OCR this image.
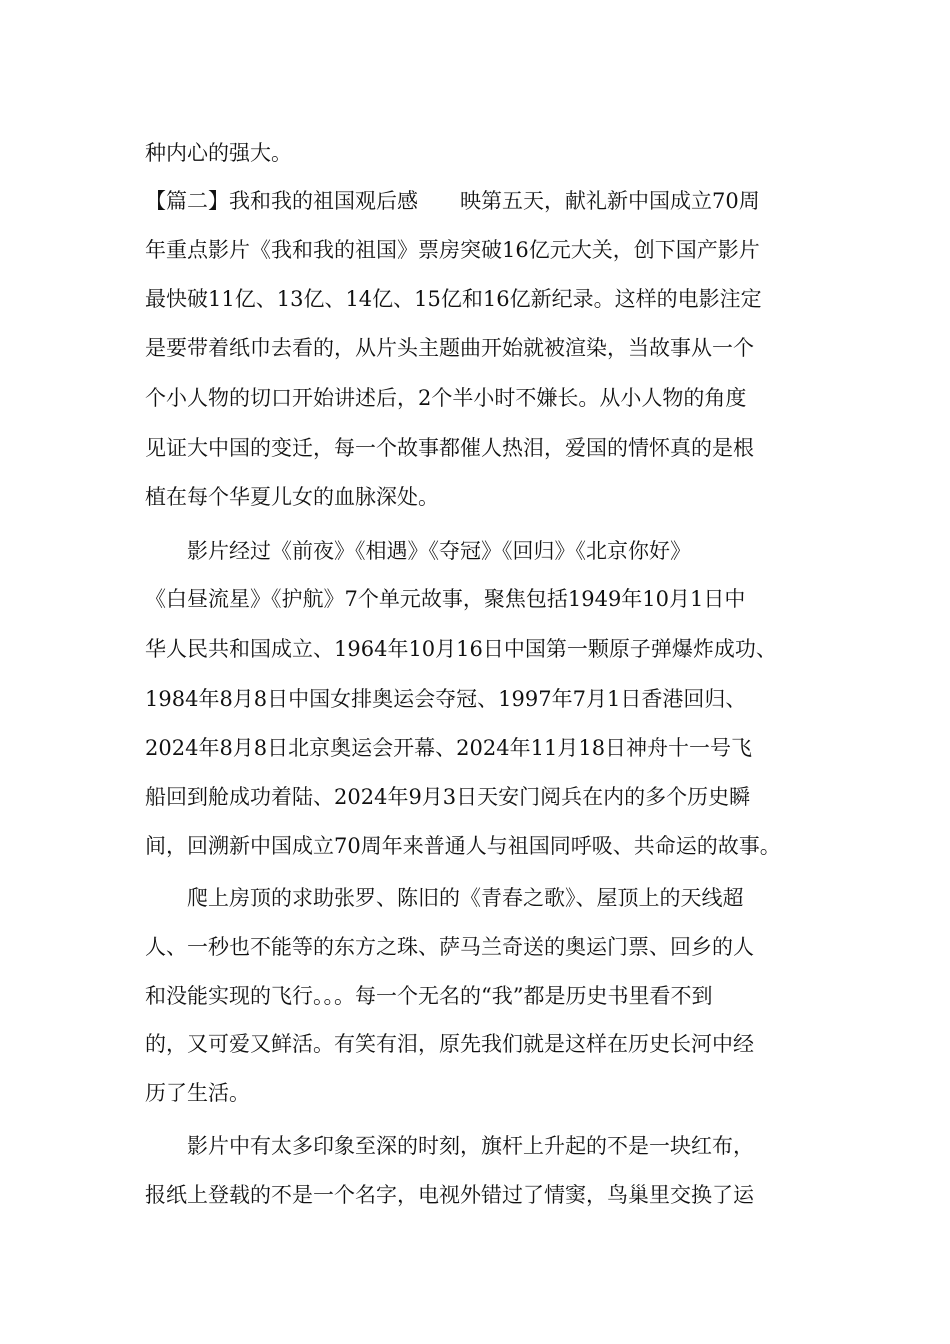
种内心的强大。
【篇二】我和我的祖国观后感　　映第五天，献礼新中国成立70周
年重点影片《我和我的祖国》票房突破16亿元大关，创下国产影片
最快破11亿、13亿、14亿、15亿和16亿新纪录。这样的电影注定
是要带着纸巾去看的，从片头主题曲开始就被渲染，当故事从一个
个小人物的切口开始讲述后，2个半小时不嫌长。从小人物的角度
见证大中国的变迁，每一个故事都催人热泪，爱国的情怀真的是根
植在每个华夏儿女的血脉深处。
　　影片经过《前夜》《相遇》《夺冠》《回归》《北京你好》
《白昼流星》《护航》7个单元故事，聚焦包括1949年10月1日中
华人民共和国成立、1964年10月16日中国第一颗原子弹爆炸成功、
1984年8月8日中国女排奥运会夺冠、1997年7月1日香港回归、
2024年8月8日北京奥运会开幕、2024年11月18日神舟十一号飞
船回到舱成功着陆、2024年9月3日天安门阅兵在内的多个历史瞬
间，回溯新中国成立70周年来普通人与祖国同呼吸、共命运的故事。
　　爬上房顶的求助张罗、陈旧的《青春之歌》、屋顶上的天线超
人、一秒也不能等的东方之珠、萨马兰奇送的奥运门票、回乡的人
和没能实现的飞行。。。每一个无名的“我”都是历史书里看不到
的，又可爱又鲜活。有笑有泪，原先我们就是这样在历史长河中经
历了生活。
　　影片中有太多印象至深的时刻，旗杆上升起的不是一块红布，
报纸上登载的不是一个名字，电视外错过了情窦，鸟巢里交换了运
